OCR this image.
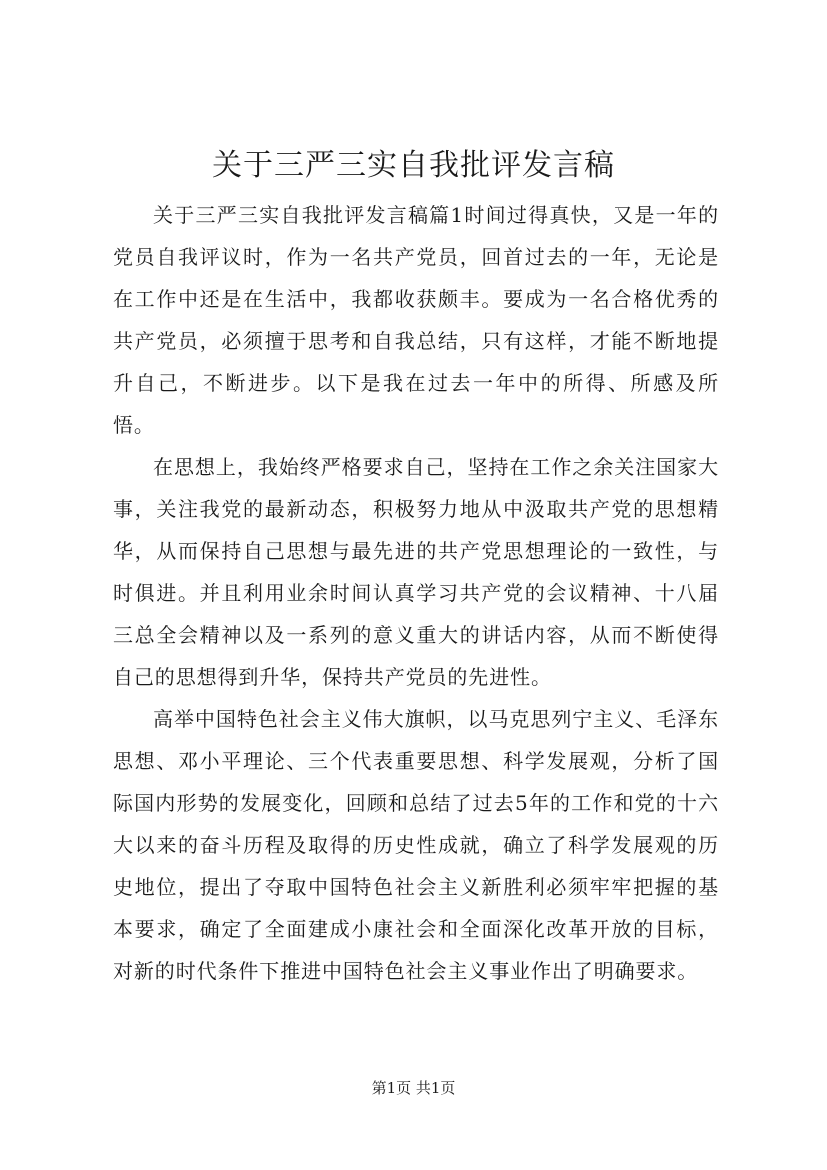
关于三严三实自我批评发言稿

关于三严三实自我批评发言稿篇1时间过得真快，又是一年的党员自我评议时，作为一名共产党员，回首过去的一年，无论是在工作中还是在生活中，我都收获颇丰。要成为一名合格优秀的共产党员，必须擅于思考和自我总结，只有这样，才能不断地提升自己，不断进步。以下是我在过去一年中的所得、所感及所悟。

在思想上，我始终严格要求自己，坚持在工作之余关注国家大事，关注我党的最新动态，积极努力地从中汲取共产党的思想精华，从而保持自己思想与最先进的共产党思想理论的一致性，与时俱进。并且利用业余时间认真学习共产党的会议精神、十八届三总全会精神以及一系列的意义重大的讲话内容，从而不断使得自己的思想得到升华，保持共产党员的先进性。

高举中国特色社会主义伟大旗帜，以马克思列宁主义、毛泽东思想、邓小平理论、三个代表重要思想、科学发展观，分析了国际国内形势的发展变化，回顾和总结了过去5年的工作和党的十六大以来的奋斗历程及取得的历史性成就，确立了科学发展观的历史地位，提出了夺取中国特色社会主义新胜利必须牢牢把握的基本要求，确定了全面建成小康社会和全面深化改革开放的目标，对新的时代条件下推进中国特色社会主义事业作出了明确要求。

第1页 共1页
